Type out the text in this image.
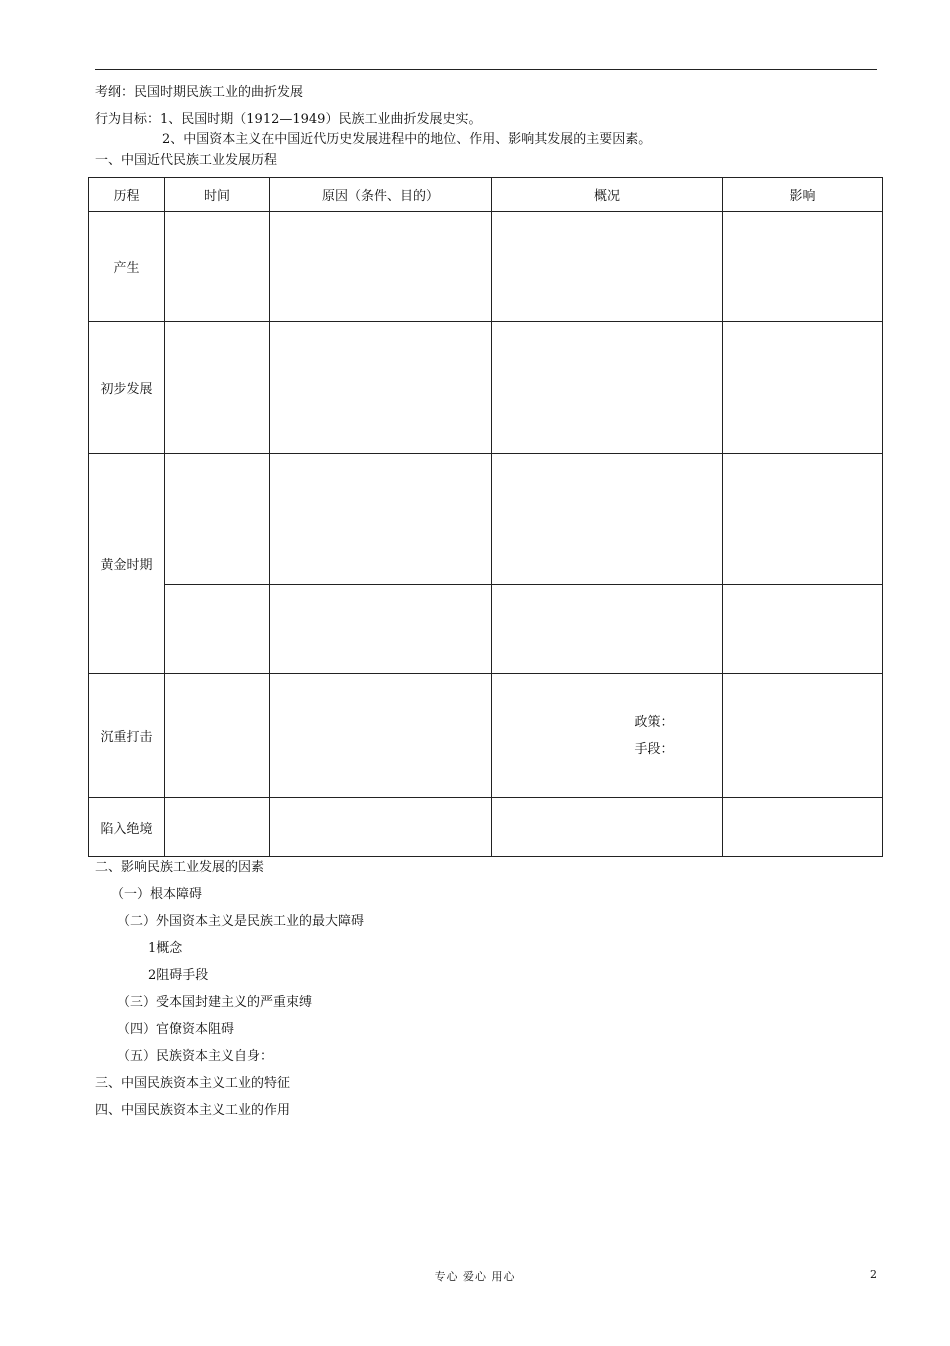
考纲：民国时期民族工业的曲折发展
行为目标：1、民国时期（1912—1949）民族工业曲折发展史实。
2、中国资本主义在中国近代历史发展进程中的地位、作用、影响其发展的主要因素。
一、中国近代民族工业发展历程
历程	时间	原因（条件、目的）	概况	影响
产生				
初步发展				
黄金时期				

沉重打击			政策：
手段：	

陷入绝境				
二、影响民族工业发展的因素
（一）根本障碍
（二）外国资本主义是民族工业的最大障碍
1概念
2阻碍手段
（三）受本国封建主义的严重束缚
（四）官僚资本阻碍
（五）民族资本主义自身：
三、中国民族资本主义工业的特征
四、中国民族资本主义工业的作用
专心 爱心 用心	2
